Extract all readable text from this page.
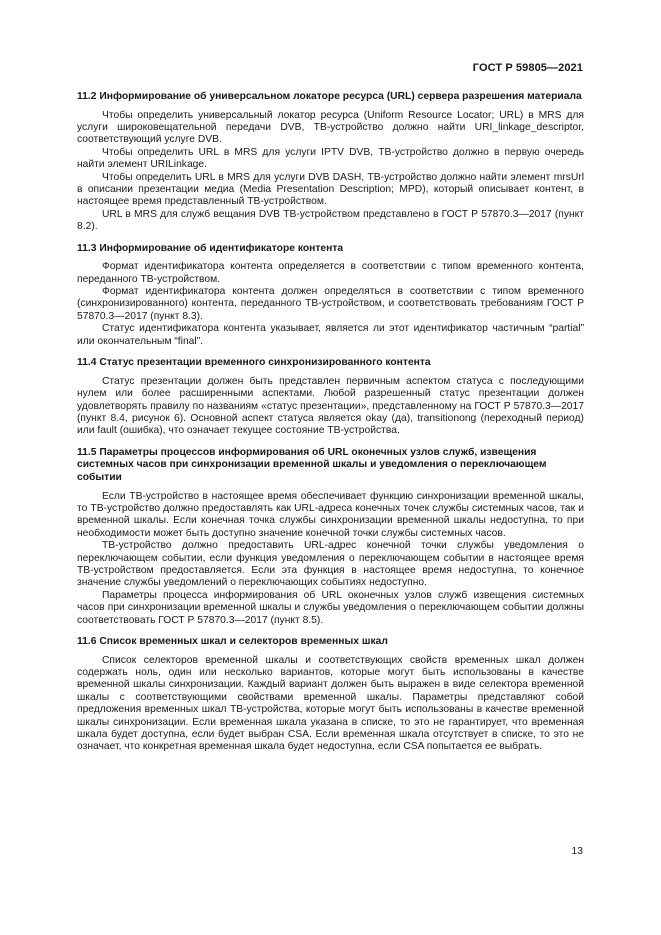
ГОСТ Р 59805—2021
11.2 Информирование об универсальном локаторе ресурса (URL) сервера разрешения материала

Чтобы определить универсальный локатор ресурса (Uniform Resource Locator; URL) в MRS для услуги широковещательной передачи DVB, ТВ-устройство должно найти URI_linkage_descriptor, соответствующий услуге DVB.

Чтобы определить URL в MRS для услуги IPTV DVB, ТВ-устройство должно в первую очередь найти элемент URILinkage.

Чтобы определить URL в MRS для услуги DVB DASH, ТВ-устройство должно найти элемент mrsUrl в описании презентации медиа (Media Presentation Description; MPD), который описывает контент, в настоящее время представленный ТВ-устройством.

URL в MRS для служб вещания DVB ТВ-устройством представлено в ГОСТ Р 57870.3—2017 (пункт 8.2).

11.3 Информирование об идентификаторе контента

Формат идентификатора контента определяется в соответствии с типом временного контента, переданного ТВ-устройством.

Формат идентификатора контента должен определяться в соответствии с типом временного (синхронизированного) контента, переданного ТВ-устройством, и соответствовать требованиям ГОСТ Р 57870.3—2017 (пункт 8.3).

Статус идентификатора контента указывает, является ли этот идентификатор частичным “partial” или окончательным “final”.

11.4 Статус презентации временного синхронизированного контента

Статус презентации должен быть представлен первичным аспектом статуса с последующими нулем или более расширенными аспектами. Любой разрешенный статус презентации должен удовлетворять правилу по названиям «статус презентации», представленному на ГОСТ Р 57870.3—2017 (пункт 8.4, рисунок 6). Основной аспект статуса является okay (да), transitionong (переходный период) или fault (ошибка), что означает текущее состояние ТВ-устройства.

11.5 Параметры процессов информирования об URL оконечных узлов служб, извещения системных часов при синхронизации временной шкалы и уведомления о переключающем событии

Если ТВ-устройство в настоящее время обеспечивает функцию синхронизации временной шкалы, то ТВ-устройство должно предоставлять как URL-адреса конечных точек службы системных часов, так и временной шкалы. Если конечная точка службы синхронизации временной шкалы недоступна, то при необходимости может быть доступно значение конечной точки службы системных часов.

ТВ-устройство должно предоставить URL-адрес конечной точки службы уведомления о переключающем событии, если функция уведомления о переключающем событии в настоящее время ТВ-устройством предоставляется. Если эта функция в настоящее время недоступна, то конечное значение службы уведомлений о переключающих событиях недоступно.

Параметры процесса информирования об URL оконечных узлов служб извещения системных часов при синхронизации временной шкалы и службы уведомления о переключающем событии должны соответствовать ГОСТ Р 57870.3—2017 (пункт 8.5).

11.6 Список временных шкал и селекторов временных шкал

Список селекторов временной шкалы и соответствующих свойств временных шкал должен содержать ноль, один или несколько вариантов, которые могут быть использованы в качестве временной шкалы синхронизации. Каждый вариант должен быть выражен в виде селектора временной шкалы с соответствующими свойствами временной шкалы. Параметры представляют собой предложения временных шкал ТВ-устройства, которые могут быть использованы в качестве временной шкалы синхронизации. Если временная шкала указана в списке, то это не гарантирует, что временная шкала будет доступна, если будет выбран CSA. Если временная шкала отсутствует в списке, то это не означает, что конкретная временная шкала будет недоступна, если CSA попытается ее выбрать.

13
